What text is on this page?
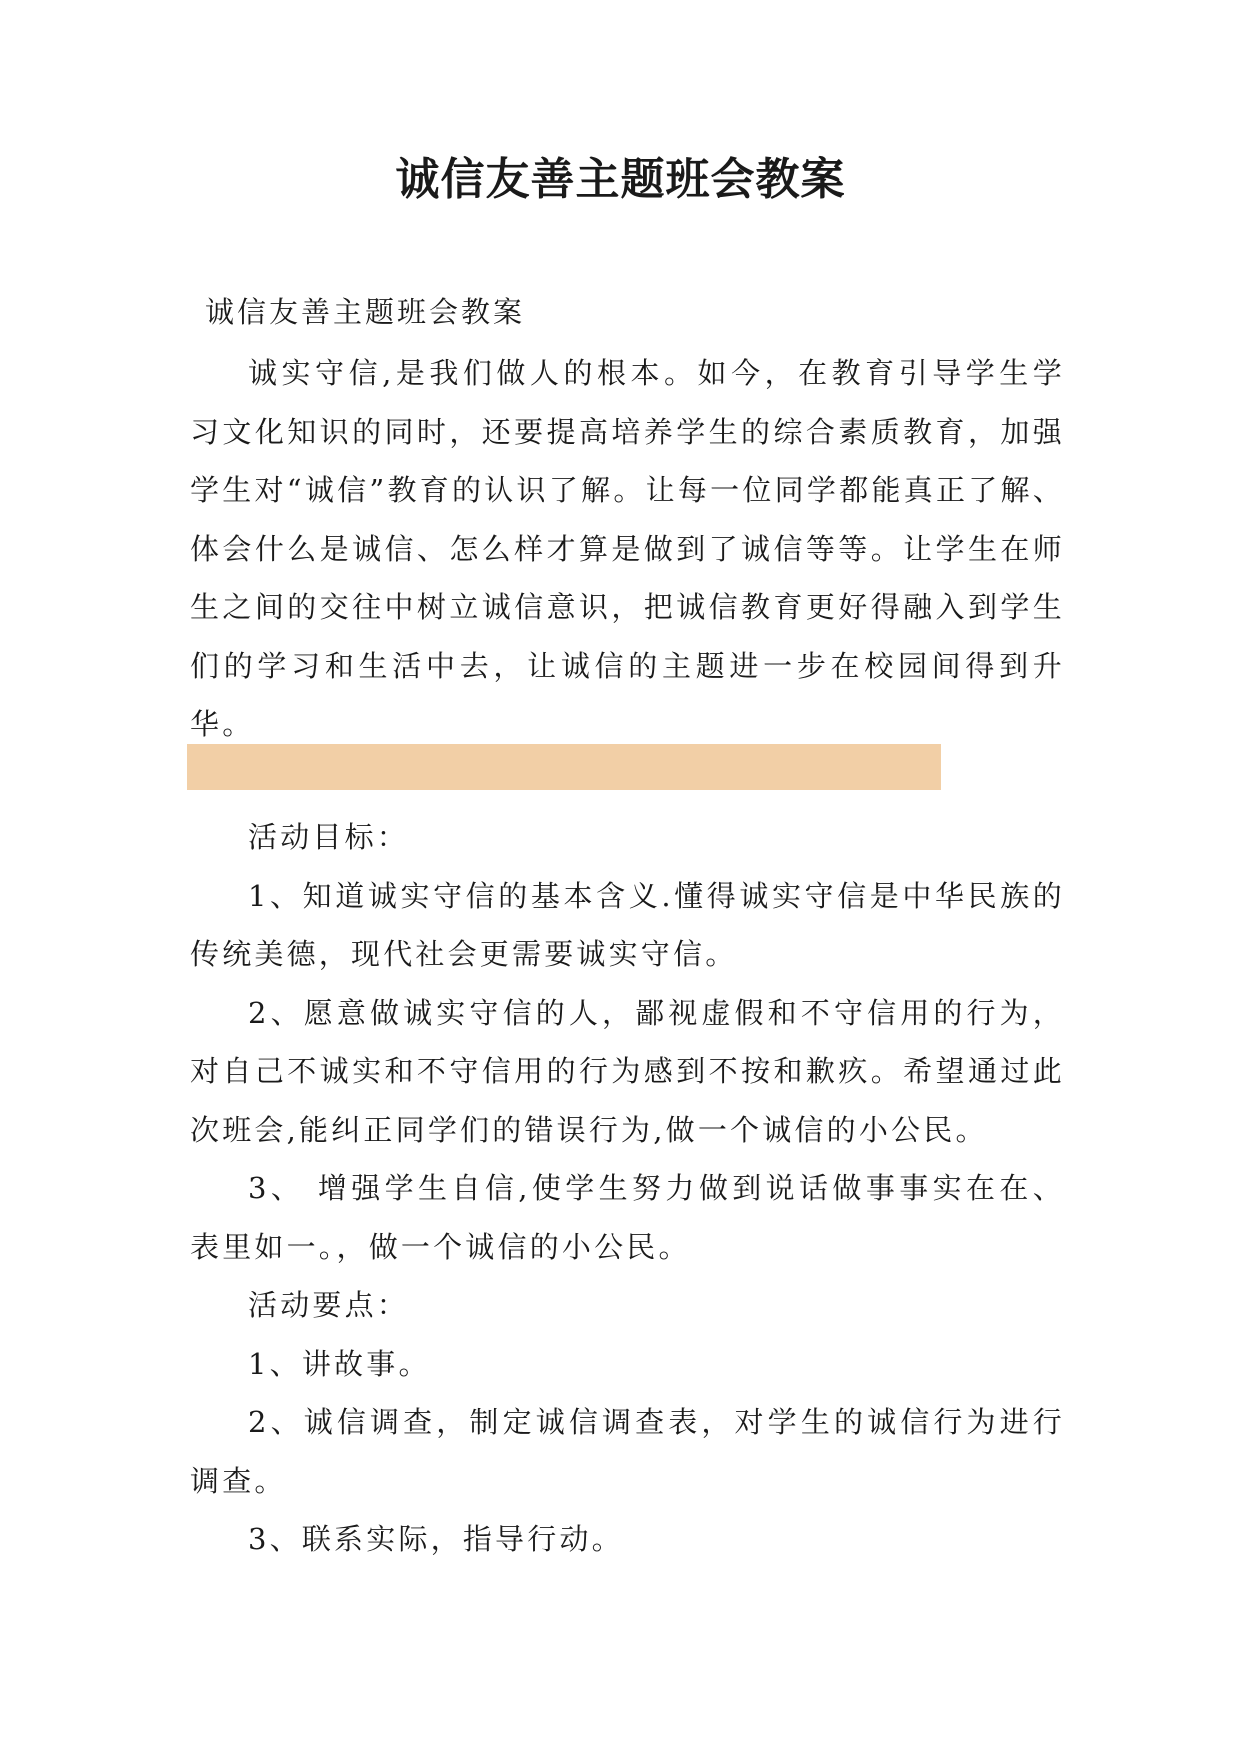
诚信友善主题班会教案

诚信友善主题班会教案

诚实守信,是我们做人的根本。如今，在教育引导学生学习文化知识的同时，还要提高培养学生的综合素质教育，加强学生对“诚信”教育的认识了解。让每一位同学都能真正了解、体会什么是诚信、怎么样才算是做到了诚信等等。让学生在师生之间的交往中树立诚信意识，把诚信教育更好得融入到学生们的学习和生活中去，让诚信的主题进一步在校园间得到升华。

活动目标：

1、知道诚实守信的基本含义.懂得诚实守信是中华民族的传统美德，现代社会更需要诚实守信。

2、愿意做诚实守信的人，鄙视虚假和不守信用的行为，对自己不诚实和不守信用的行为感到不按和歉疚。希望通过此次班会,能纠正同学们的错误行为,做一个诚信的小公民。

3、 增强学生自信,使学生努力做到说话做事事实在在、表里如一。，做一个诚信的小公民。

活动要点：

1、讲故事。

2、诚信调查，制定诚信调查表，对学生的诚信行为进行调查。

3、联系实际，指导行动。
